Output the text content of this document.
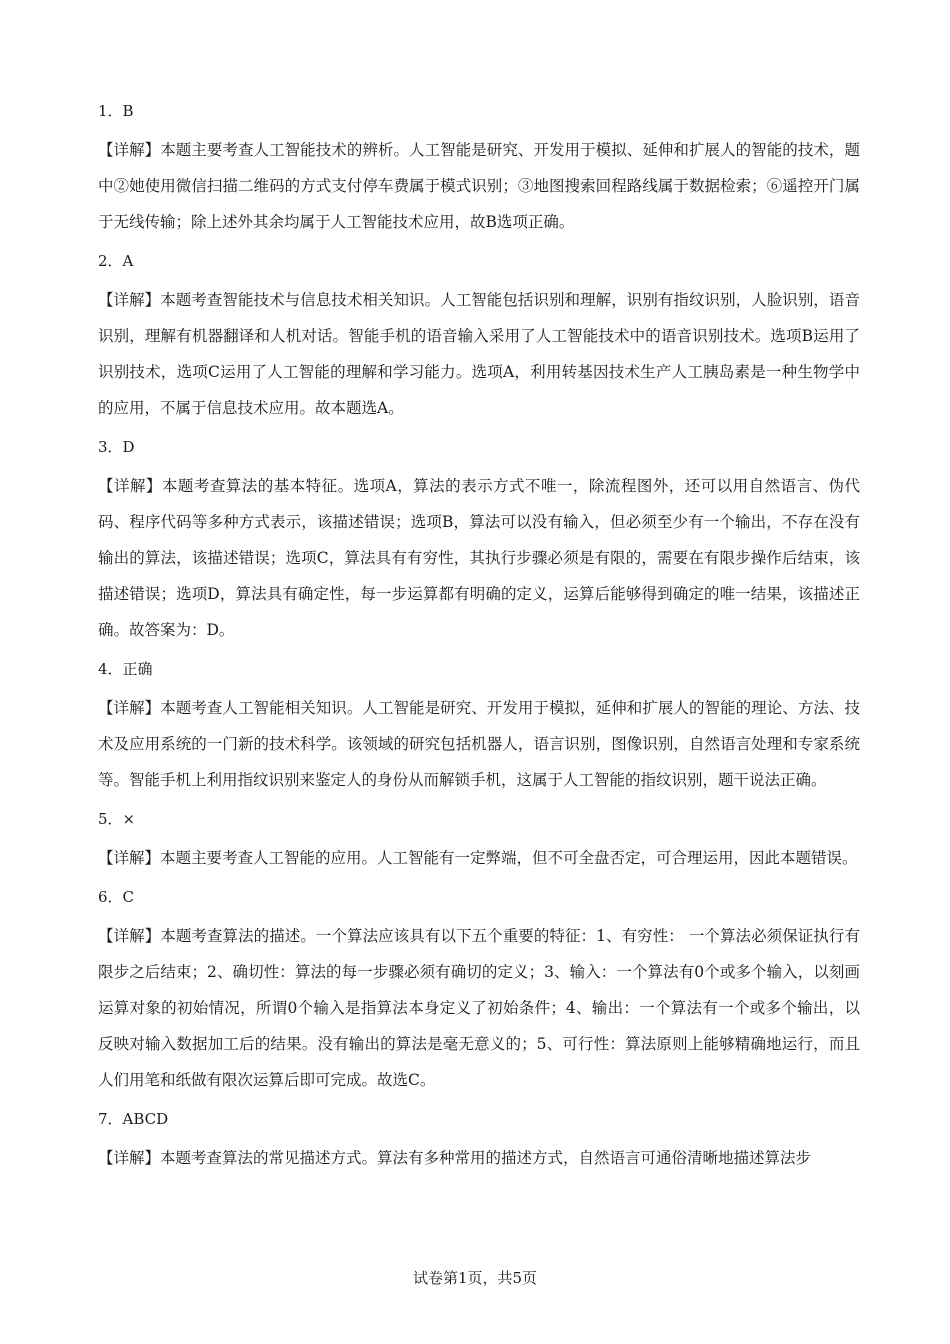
1．B
【详解】本题主要考查人工智能技术的辨析。人工智能是研究、开发用于模拟、延伸和扩展人的智能的技术，题中②她使用微信扫描二维码的方式支付停车费属于模式识别；③地图搜索回程路线属于数据检索；⑥遥控开门属于无线传输；除上述外其余均属于人工智能技术应用，故B选项正确。
2．A
【详解】本题考查智能技术与信息技术相关知识。人工智能包括识别和理解，识别有指纹识别，人脸识别，语音识别，理解有机器翻译和人机对话。智能手机的语音输入采用了人工智能技术中的语音识别技术。选项B运用了识别技术，选项C运用了人工智能的理解和学习能力。选项A，利用转基因技术生产人工胰岛素是一种生物学中的应用，不属于信息技术应用。故本题选A。
3．D
【详解】本题考查算法的基本特征。选项A，算法的表示方式不唯一，除流程图外，还可以用自然语言、伪代码、程序代码等多种方式表示，该描述错误；选项B，算法可以没有输入，但必须至少有一个输出，不存在没有输出的算法，该描述错误；选项C，算法具有有穷性，其执行步骤必须是有限的，需要在有限步操作后结束，该描述错误；选项D，算法具有确定性，每一步运算都有明确的定义，运算后能够得到确定的唯一结果，该描述正确。故答案为：D。
4．正确
【详解】本题考查人工智能相关知识。人工智能是研究、开发用于模拟，延伸和扩展人的智能的理论、方法、技术及应用系统的一门新的技术科学。该领域的研究包括机器人，语言识别，图像识别，自然语言处理和专家系统等。智能手机上利用指纹识别来鉴定人的身份从而解锁手机，这属于人工智能的指纹识别，题干说法正确。
5．×
【详解】本题主要考查人工智能的应用。人工智能有一定弊端，但不可全盘否定，可合理运用，因此本题错误。
6．C
【详解】本题考查算法的描述。一个算法应该具有以下五个重要的特征：1、有穷性： 一个算法必须保证执行有限步之后结束；2、确切性：算法的每一步骤必须有确切的定义；3、输入：一个算法有0个或多个输入，以刻画运算对象的初始情况，所谓0个输入是指算法本身定义了初始条件；4、输出：一个算法有一个或多个输出，以反映对输入数据加工后的结果。没有输出的算法是毫无意义的；5、可行性：算法原则上能够精确地运行，而且人们用笔和纸做有限次运算后即可完成。故选C。
7．ABCD
【详解】本题考查算法的常见描述方式。算法有多种常用的描述方式，自然语言可通俗清晰地描述算法步
试卷第1页，共5页
